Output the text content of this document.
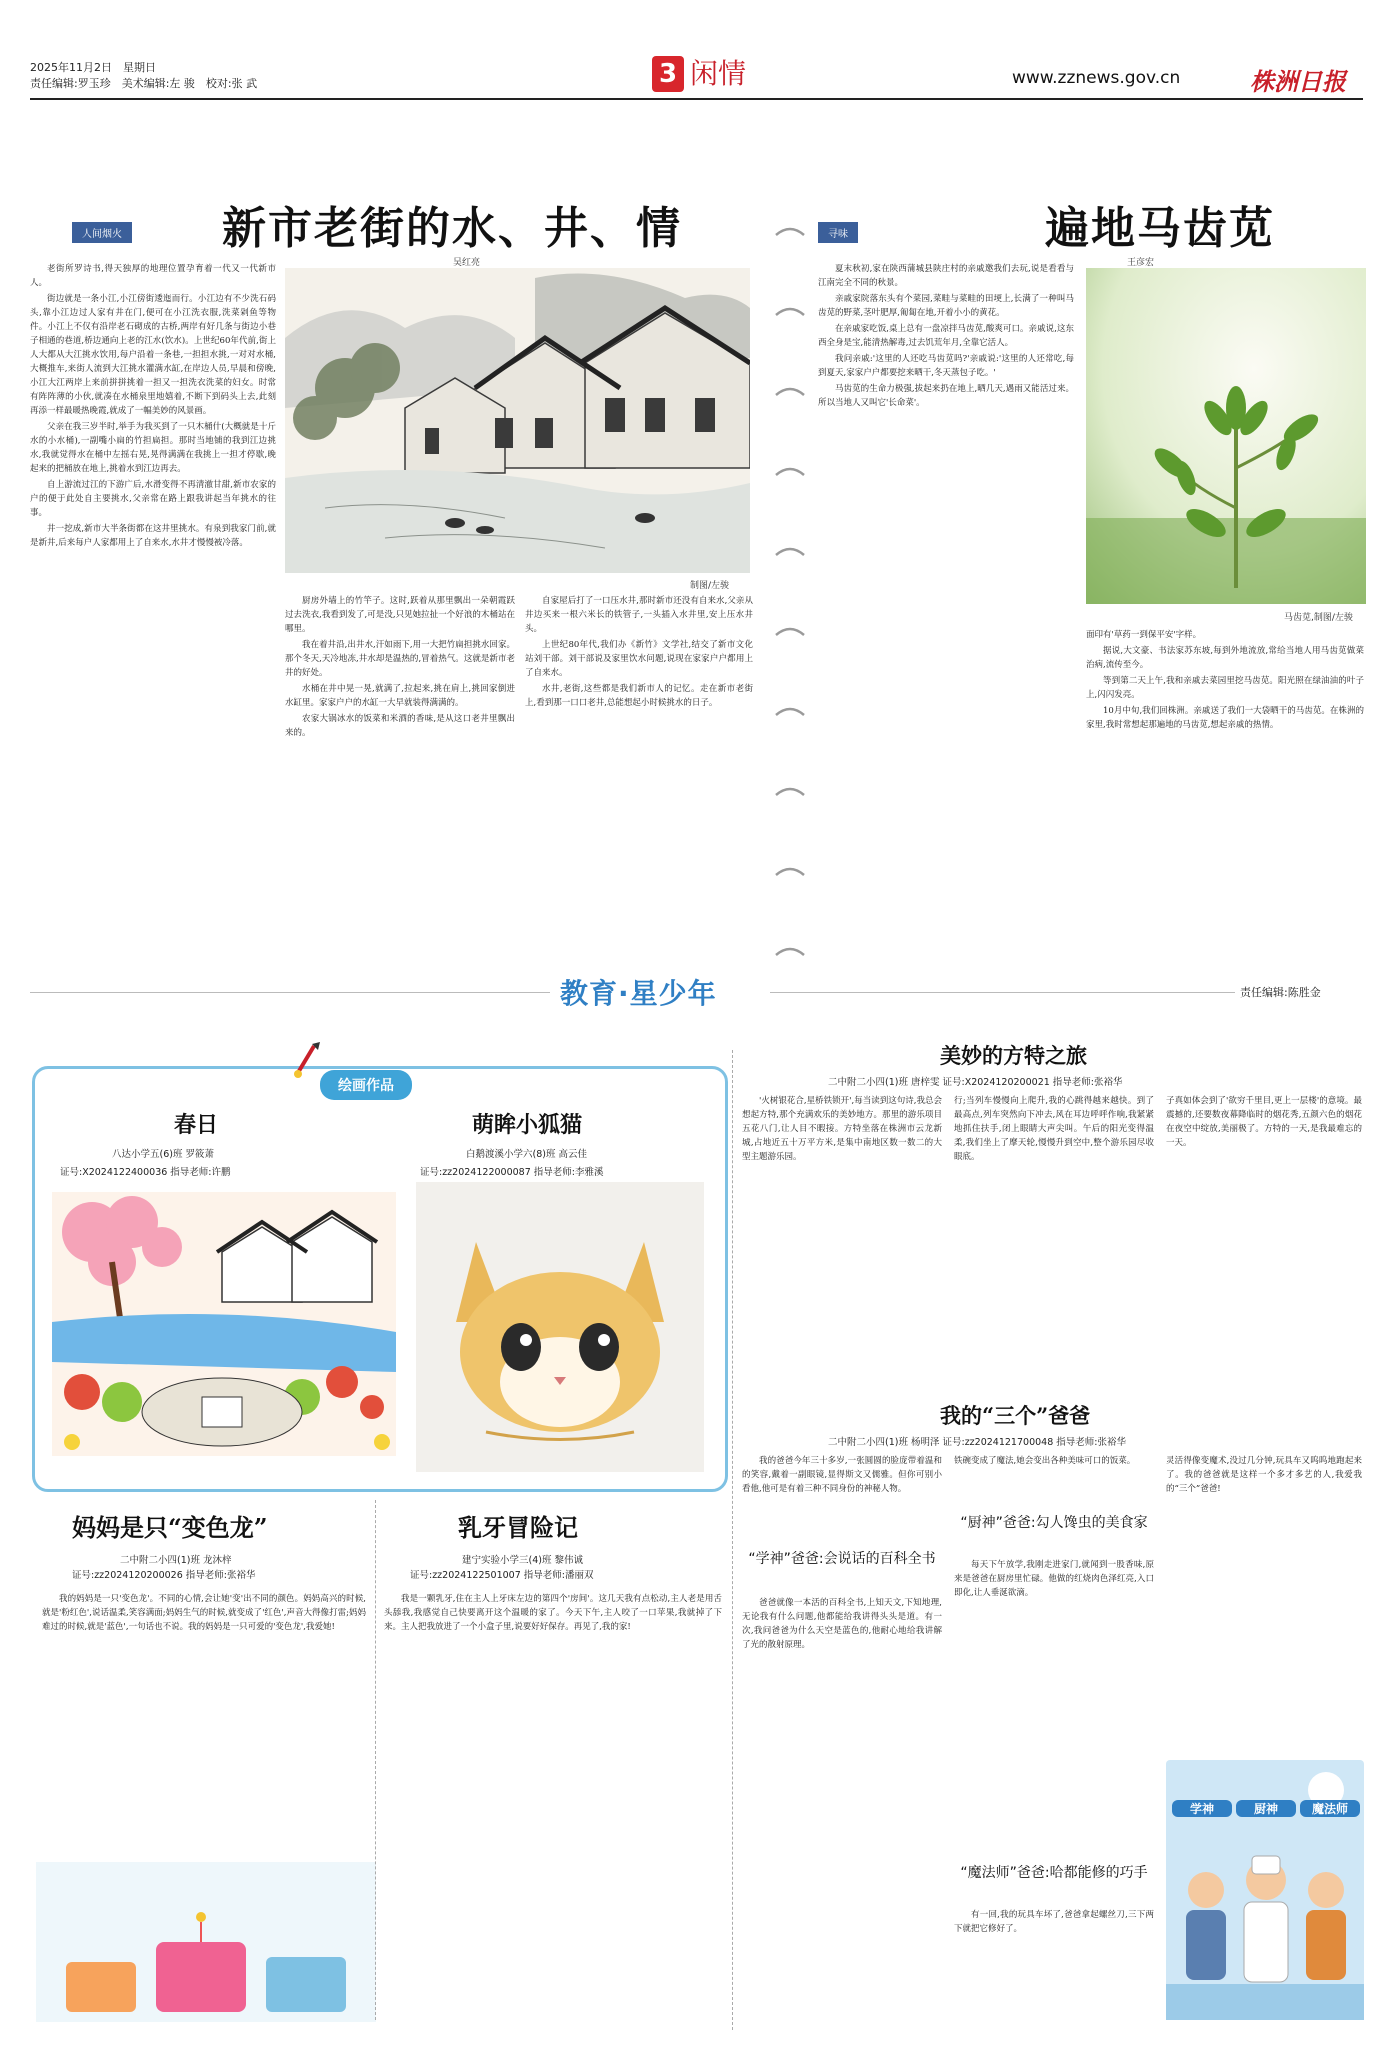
2025年11月2日　星期日
责任编辑:罗玉珍　美术编辑:左 骏　校对:张 武	3 闲情	www.zznews.gov.cn	株洲日报
人间烟火 新市老街的水、井、情
吴红亮
制图/左骏

老街所罗诗书,得天独厚的地理位置孕育着一代又一代新市人。

街边就是一条小江,小江傍街逶迤而行。小江边有不少洗石码头,靠小江边过人家有井在门,便可在小江洗衣服,洗菜剁鱼等物件。小江上不仅有沿岸老石砌成的古桥,两岸有好几条与街边小巷子相通的巷道,桥边通向上老的江水(饮水)。上世纪60年代前,街上人大都从大江挑水饮用,每户沿着一条巷,一担担水挑,一对对水桶,大概推车,来街人流到大江挑水灌满水缸,在岸边人员,早晨和傍晚,小江大江两岸上来前拼拼挑着一担又一担洗衣洗菜的妇女。时常有阵阵薄的小伙,就凑在水桶泉里地嬉着,不断下到码头上去,此刻再添一样最暖热晚霞,就成了一幅美妙的风景画。

父亲在我三岁半时,举手为我买到了一只木桶什(大概就是十斤水的小水桶),一副嘴小扁的竹担扁担。那时当地铺的我到江边挑水,我就觉得水在桶中左摇右晃,晃得满满在我挑上一担才停歇,晚起来的把桶放在地上,挑着水到江边再去。

自上游流过江的下游广后,水滑变得不再清澈甘甜,新市农家的户的便于此处自主要挑水,父亲常在路上跟我讲起当年挑水的往事。

井一挖成,新市大半条街都在这井里挑水。有泉到我家门前,就是新井,后来每户人家都用上了自来水,水井才慢慢被冷落。

厨房外墙上的竹竿子。这时,跃着从那里飘出一朵朝霞跃过去洗衣,我看到发了,可是没,只见她拉扯一个好浪的木桶站在哪里。

我在着井沿,出井水,汗如雨下,用一大把竹扁担挑水回家。那个冬天,天冷地冻,井水却是温热的,冒着热气。这就是新市老井的好处。

水桶在井中晃一晃,就满了,拉起来,挑在肩上,挑回家倒进水缸里。家家户户的水缸一大早就装得满满的。

农家大锅冰水的饭菜和米酒的香味,是从这口老井里飘出来的。

自家屋后打了一口压水井,那时新市还没有自来水,父亲从井边买来一根六米长的铁管子,一头插入水井里,安上压水井头。

上世纪80年代,我们办《新竹》文学社,结交了新市文化站刘干部。刘干部说及家里饮水问题,说现在家家户户都用上了自来水。

水井,老街,这些都是我们新市人的记忆。走在新市老街上,看到那一口口老井,总能想起小时候挑水的日子。

寻味	遍地马齿苋
王彦宏
马齿苋,制图/左骏

夏末秋初,家在陕西蒲城县陕庄村的亲戚邀我们去玩,说是看看与江南完全不同的秋景。

亲戚家院落东头有个菜园,菜畦与菜畦的田埂上,长满了一种叫马齿苋的野菜,茎叶肥厚,匍匐在地,开着小小的黄花。

在亲戚家吃饭,桌上总有一盘凉拌马齿苋,酸爽可口。亲戚说,这东西全身是宝,能清热解毒,过去饥荒年月,全靠它活人。

我问亲戚:'这里的人还吃马齿苋吗?'亲戚说:'这里的人还常吃,每到夏天,家家户户都要挖来晒干,冬天蒸包子吃。'

马齿苋的生命力极强,拔起来扔在地上,晒几天,遇雨又能活过来。所以当地人又叫它'长命菜'。

面印有'草药一到保平安'字样。

据说,大文豪、书法家苏东坡,每到外地流放,常给当地人用马齿苋做菜治病,流传至今。

等到第二天上午,我和亲戚去菜园里挖马齿苋。阳光照在绿油油的叶子上,闪闪发亮。

10月中旬,我们回株洲。亲戚送了我们一大袋晒干的马齿苋。在株洲的家里,我时常想起那遍地的马齿苋,想起亲戚的热情。

教育·星少年	责任编辑:陈胜金
绘画作品
春日
八达小学五(6)班 罗筱萧
证号:X2024122400036 指导老师:许鹏
萌眸小狐猫
白鹅渡溪小学六(8)班 高云佳
证号:zz2024122000087 指导老师:李雅溪
妈妈是只“变色龙”
二中附二小四(1)班 龙沐梓
证号:zz2024120200026 指导老师:张裕华
我的妈妈是一只'变色龙'。不同的心情,会让她'变'出不同的颜色。妈妈高兴的时候,就是'粉红色',说话温柔,笑容满面;妈妈生气的时候,就变成了'红色',声音大得像打雷;妈妈难过的时候,就是'蓝色',一句话也不说。我的妈妈是一只可爱的'变色龙',我爱她!
乳牙冒险记
建宁实验小学三(4)班 黎伟诚
证号:zz2024122501007 指导老师:潘丽双
我是一颗乳牙,住在主人上牙床左边的第四个'房间'。这几天我有点松动,主人老是用舌头舔我,我感觉自己快要离开这个温暖的家了。今天下午,主人咬了一口苹果,我就掉了下来。主人把我放进了一个小盒子里,说要好好保存。再见了,我的家!
美妙的方特之旅
二中附二小四(1)班 唐梓雯 证号:X2024120200021 指导老师:张裕华
'火树银花合,星桥铁锁开',每当读到这句诗,我总会想起方特,那个充满欢乐的美妙地方。那里的游乐项目五花八门,让人目不暇接。方特坐落在株洲市云龙新城,占地近五十万平方米,是集中南地区数一数二的大型主题游乐园。
行;当列车慢慢向上爬升,我的心跳得越来越快。到了最高点,列车突然向下冲去,风在耳边呼呼作响,我紧紧地抓住扶手,闭上眼睛大声尖叫。午后的阳光变得温柔,我们坐上了摩天轮,慢慢升到空中,整个游乐园尽收眼底。
子真如体会到了'欲穷千里目,更上一层楼'的意境。最震撼的,还要数夜幕降临时的烟花秀,五颜六色的烟花在夜空中绽放,美丽极了。方特的一天,是我最难忘的一天。
我的“三个”爸爸
二中附二小四(1)班 杨明泽 证号:zz2024121700048 指导老师:张裕华
我的爸爸今年三十多岁,一张圆圆的脸庞带着温和的笑容,戴着一副眼镜,显得斯文又儒雅。但你可别小看他,他可是有着三种不同身份的神秘人物。
“学神”爸爸:会说话的百科全书
爸爸就像一本活的百科全书,上知天文,下知地理,无论我有什么问题,他都能给我讲得头头是道。有一次,我问爸爸为什么天空是蓝色的,他耐心地给我讲解了光的散射原理。
铁碗变成了魔法,她会变出各种美味可口的饭菜。
“厨神”爸爸:勾人馋虫的美食家
每天下午放学,我刚走进家门,就闻到一股香味,原来是爸爸在厨房里忙碌。他做的红烧肉色泽红亮,入口即化,让人垂涎欲滴。
“魔法师”爸爸:哈都能修的巧手
有一回,我的玩具车坏了,爸爸拿起螺丝刀,三下两下就把它修好了。
灵活得像变魔术,没过几分钟,玩具车又呜呜地跑起来了。我的爸爸就是这样一个多才多艺的人,我爱我的“三个”爸爸!
学神	厨神	魔法师
